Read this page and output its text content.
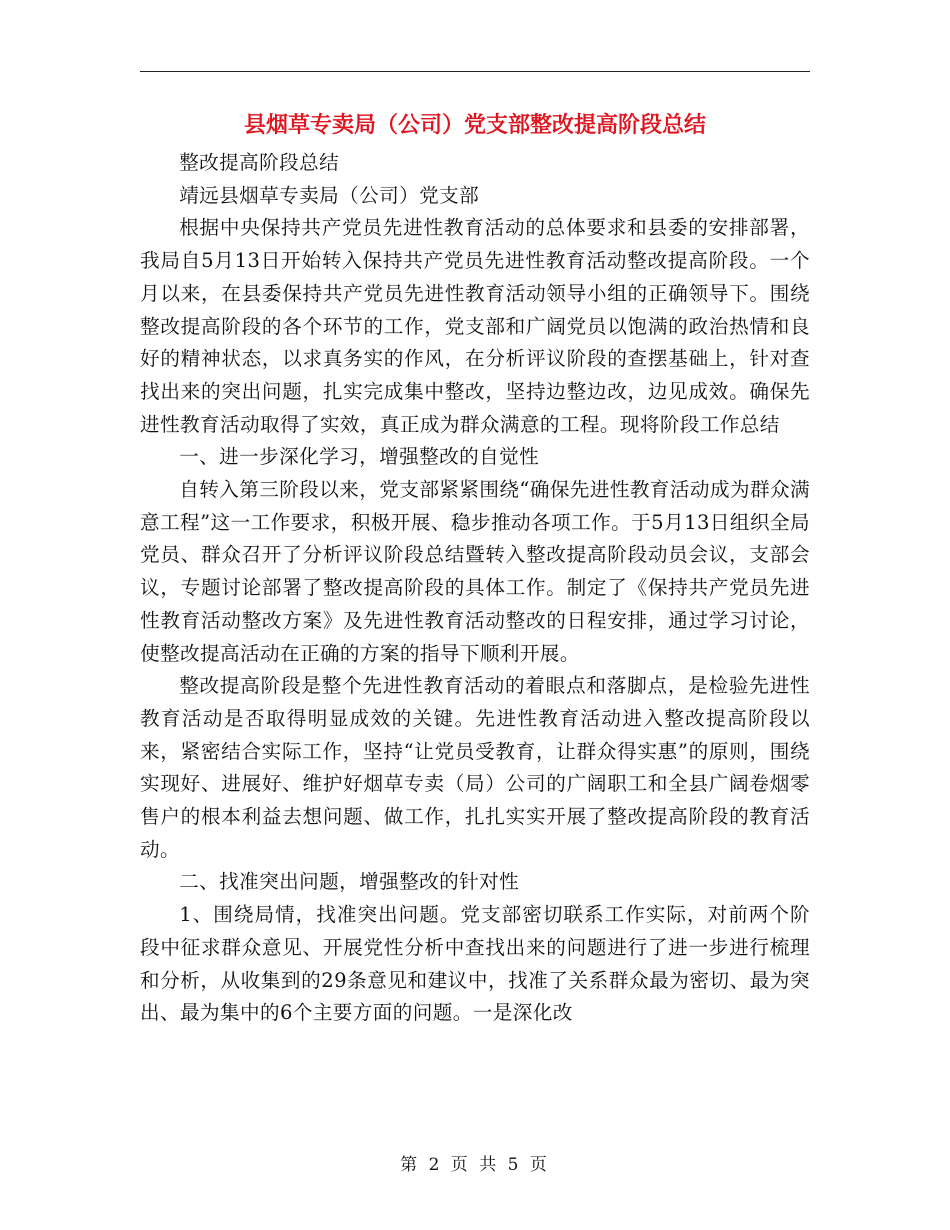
县烟草专卖局（公司）党支部整改提高阶段总结

整改提高阶段总结

靖远县烟草专卖局（公司）党支部

根据中央保持共产党员先进性教育活动的总体要求和县委的安排部署，我局自5月13日开始转入保持共产党员先进性教育活动整改提高阶段。一个月以来，在县委保持共产党员先进性教育活动领导小组的正确领导下。围绕整改提高阶段的各个环节的工作，党支部和广阔党员以饱满的政治热情和良好的精神状态，以求真务实的作风，在分析评议阶段的查摆基础上，针对查找出来的突出问题，扎实完成集中整改，坚持边整边改，边见成效。确保先进性教育活动取得了实效，真正成为群众满意的工程。现将阶段工作总结

一、进一步深化学习，增强整改的自觉性

自转入第三阶段以来，党支部紧紧围绕“确保先进性教育活动成为群众满意工程”这一工作要求，积极开展、稳步推动各项工作。于5月13日组织全局党员、群众召开了分析评议阶段总结暨转入整改提高阶段动员会议，支部会议，专题讨论部署了整改提高阶段的具体工作。制定了《保持共产党员先进性教育活动整改方案》及先进性教育活动整改的日程安排，通过学习讨论，使整改提高活动在正确的方案的指导下顺利开展。

整改提高阶段是整个先进性教育活动的着眼点和落脚点，是检验先进性教育活动是否取得明显成效的关键。先进性教育活动进入整改提高阶段以来，紧密结合实际工作，坚持“让党员受教育，让群众得实惠”的原则，围绕实现好、进展好、维护好烟草专卖（局）公司的广阔职工和全县广阔卷烟零售户的根本利益去想问题、做工作，扎扎实实开展了整改提高阶段的教育活动。

二、找准突出问题，增强整改的针对性

1、围绕局情，找准突出问题。党支部密切联系工作实际，对前两个阶段中征求群众意见、开展党性分析中查找出来的问题进行了进一步进行梳理和分析，从收集到的29条意见和建议中，找准了关系群众最为密切、最为突出、最为集中的6个主要方面的问题。一是深化改

第 2 页 共 5 页
